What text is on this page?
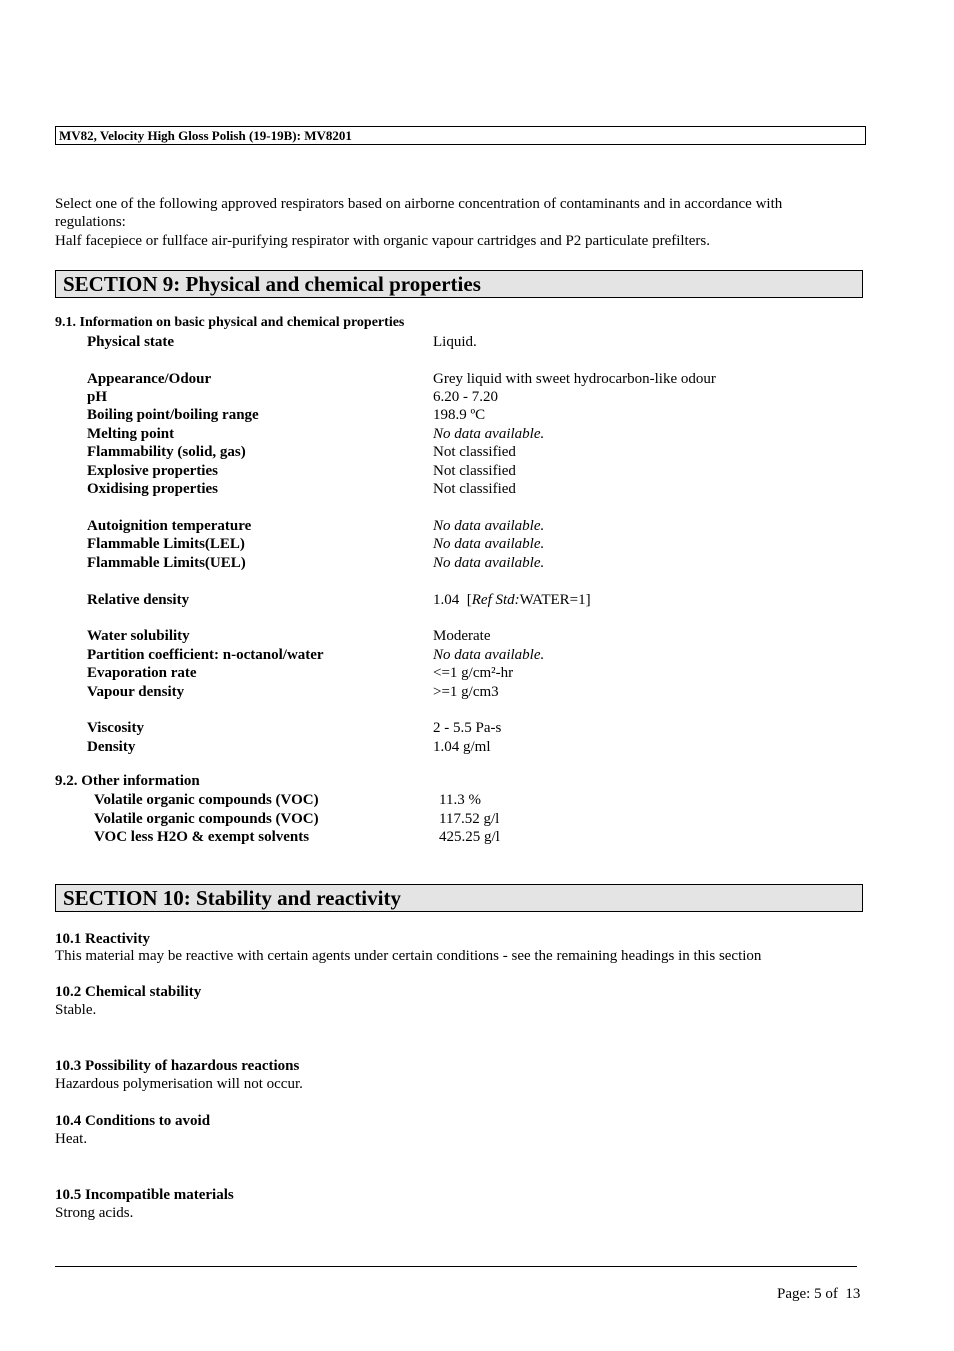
MV82, Velocity High Gloss Polish (19-19B): MV8201
Select one of the following approved respirators based on airborne concentration of contaminants and in accordance with
regulations:
Half facepiece or fullface air-purifying respirator with organic vapour cartridges and P2 particulate prefilters.
SECTION 9: Physical and chemical properties
9.1. Information on basic physical and chemical properties
Physical state	Liquid.
Appearance/Odour	Grey liquid with sweet hydrocarbon-like odour
pH	6.20 - 7.20
Boiling point/boiling range	198.9 ºC
Melting point	No data available.
Flammability (solid, gas)	Not classified
Explosive properties	Not classified
Oxidising properties	Not classified
Autoignition temperature	No data available.
Flammable Limits(LEL)	No data available.
Flammable Limits(UEL)	No data available.
Relative density	1.04  [Ref Std:WATER=1]
Water solubility	Moderate
Partition coefficient: n-octanol/water	No data available.
Evaporation rate	<=1 g/cm²-hr
Vapour density	>=1 g/cm3
Viscosity	2 - 5.5 Pa-s
Density	1.04 g/ml
9.2. Other information
Volatile organic compounds (VOC)	11.3 %
Volatile organic compounds (VOC)	117.52 g/l
VOC less H2O & exempt solvents	425.25 g/l
SECTION 10: Stability and reactivity
10.1 Reactivity
This material may be reactive with certain agents under certain conditions - see the remaining headings in this section
10.2 Chemical stability
Stable.
10.3 Possibility of hazardous reactions
Hazardous polymerisation will not occur.
10.4 Conditions to avoid
Heat.
10.5 Incompatible materials
Strong acids.
Page: 5 of  13
